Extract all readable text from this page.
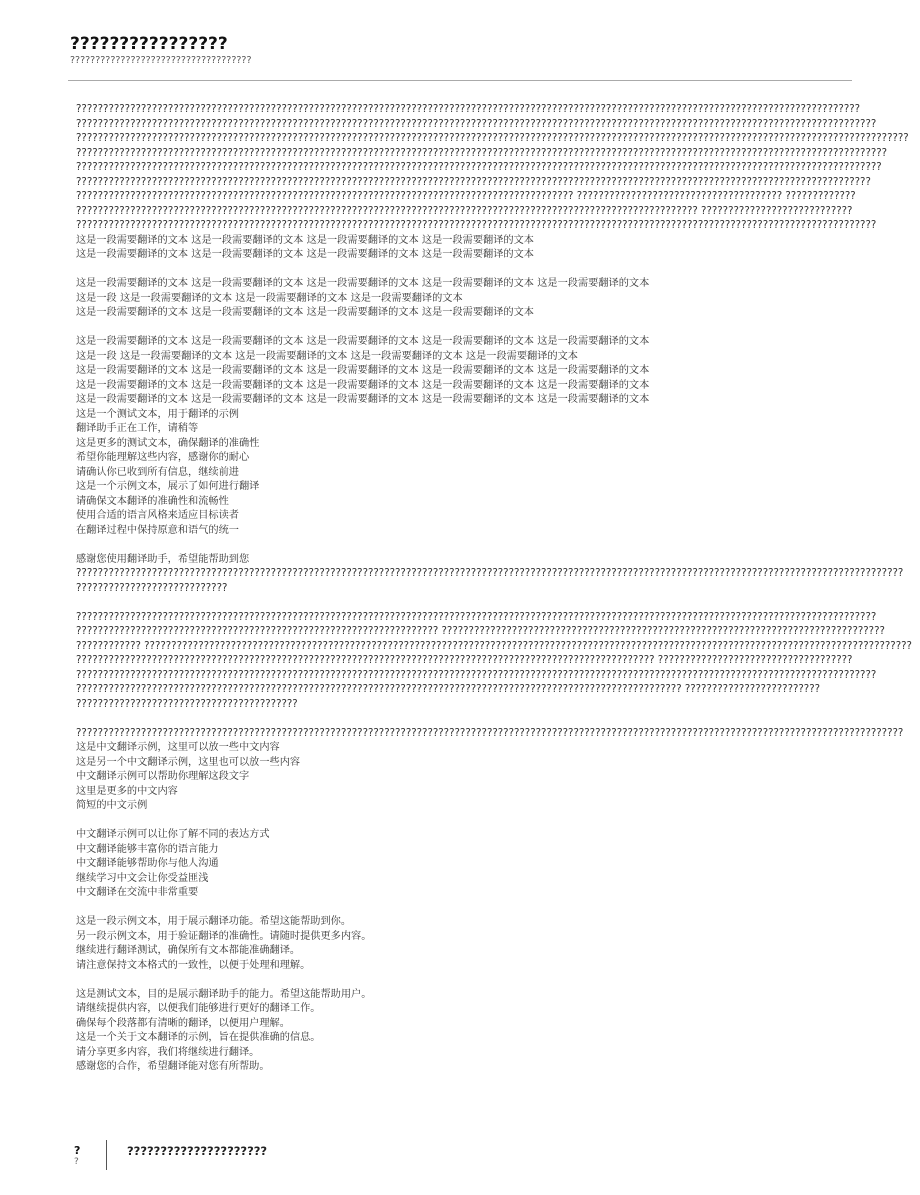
????????????????
????????????????????????????????????
?????????????????????????????????????????????????????????????????????????????????????????????????????????????????????????????????????????????????
????????????????????????????????????????????????????????????????????????????????????????????????????????????????????????????????????????????????????
??????????????????????????????????????????????????????????????????????????????????????????????????????????????????????????????????????????????????????????
??????????????????????????????????????????????????????????????????????????????????????????????????????????????????????????????????????????????????????
?????????????????????????????????????????????????????????????????????????????????????????????????????????????????????????????????????????????????????
???????????????????????????????????????????????????????????????????????????????????????????????????????????????????????????????????????????????????
???????????????????????????????????????????????????????????????????????????????????????????? ?????????????????????????????????????? ?????????????
??????????????????????????????????????????????????????????????????????????????????????????????????????????????????? ????????????????????????????
????????????????????????????????????????????????????????????????????????????????????????????????????????????????????????????????????????????????????
这是一段需要翻译的文本 这是一段需要翻译的文本 这是一段需要翻译的文本 这是一段需要翻译的文本
这是一段需要翻译的文本 这是一段需要翻译的文本 这是一段需要翻译的文本 这是一段需要翻译的文本
这是一段需要翻译的文本 这是一段需要翻译的文本 这是一段需要翻译的文本 这是一段需要翻译的文本 这是一段需要翻译的文本
这是一段 这是一段需要翻译的文本 这是一段需要翻译的文本 这是一段需要翻译的文本
这是一段需要翻译的文本 这是一段需要翻译的文本 这是一段需要翻译的文本 这是一段需要翻译的文本
这是一段需要翻译的文本 这是一段需要翻译的文本 这是一段需要翻译的文本 这是一段需要翻译的文本 这是一段需要翻译的文本
这是一段 这是一段需要翻译的文本 这是一段需要翻译的文本 这是一段需要翻译的文本 这是一段需要翻译的文本
这是一段需要翻译的文本 这是一段需要翻译的文本 这是一段需要翻译的文本 这是一段需要翻译的文本 这是一段需要翻译的文本
这是一段需要翻译的文本 这是一段需要翻译的文本 这是一段需要翻译的文本 这是一段需要翻译的文本 这是一段需要翻译的文本
这是一段需要翻译的文本 这是一段需要翻译的文本 这是一段需要翻译的文本 这是一段需要翻译的文本 这是一段需要翻译的文本
这是一个测试文本，用于翻译的示例
翻译助手正在工作，请稍等
这是更多的测试文本，确保翻译的准确性
希望你能理解这些内容，感谢你的耐心
请确认你已收到所有信息，继续前进
这是一个示例文本，展示了如何进行翻译
请确保文本翻译的准确性和流畅性
使用合适的语言风格来适应目标读者
在翻译过程中保持原意和语气的统一
感谢您使用翻译助手，希望能帮助到您
?????????????????????????????????????????????????????????????????????????????????????????????????????????????????????????????????????????????????????????
????????????????????????????
????????????????????????????????????????????????????????????????????????????????????????????????????????????????????????????????????????????????????
??????????????????????????????????????????????????????????????????? ??????????????????????????????????????????????????????????????????????????????????
???????????? ??????????????????????????????????????????????????????????????????????????????????????????????????????????????????????????????????????????????
??????????????????????????????????????????????????????????????????????????????????????????????????????????? ????????????????????????????????????
????????????????????????????????????????????????????????????????????????????????????????????????????????????????????????????????????????????????????
???????????????????????????????????????????????????????????????????????????????????????????????????????????????? ?????????????????????????
?????????????????????????????????????????
?????????????????????????????????????????????????????????????????????????????????????????????????????????????????????????????????????????????????????????
这是中文翻译示例，这里可以放一些中文内容
这是另一个中文翻译示例，这里也可以放一些内容
中文翻译示例可以帮助你理解这段文字
这里是更多的中文内容
简短的中文示例
中文翻译示例可以让你了解不同的表达方式
中文翻译能够丰富你的语言能力
中文翻译能够帮助你与他人沟通
继续学习中文会让你受益匪浅
中文翻译在交流中非常重要
这是一段示例文本，用于展示翻译功能。希望这能帮助到你。
另一段示例文本，用于验证翻译的准确性。请随时提供更多内容。
继续进行翻译测试，确保所有文本都能准确翻译。
请注意保持文本格式的一致性，以便于处理和理解。
这是测试文本，目的是展示翻译助手的能力。希望这能帮助用户。
请继续提供内容，以便我们能够进行更好的翻译工作。
确保每个段落都有清晰的翻译，以便用户理解。
这是一个关于文本翻译的示例，旨在提供准确的信息。
请分享更多内容，我们将继续进行翻译。
感谢您的合作，希望翻译能对您有所帮助。
?
?
?????????????????????
